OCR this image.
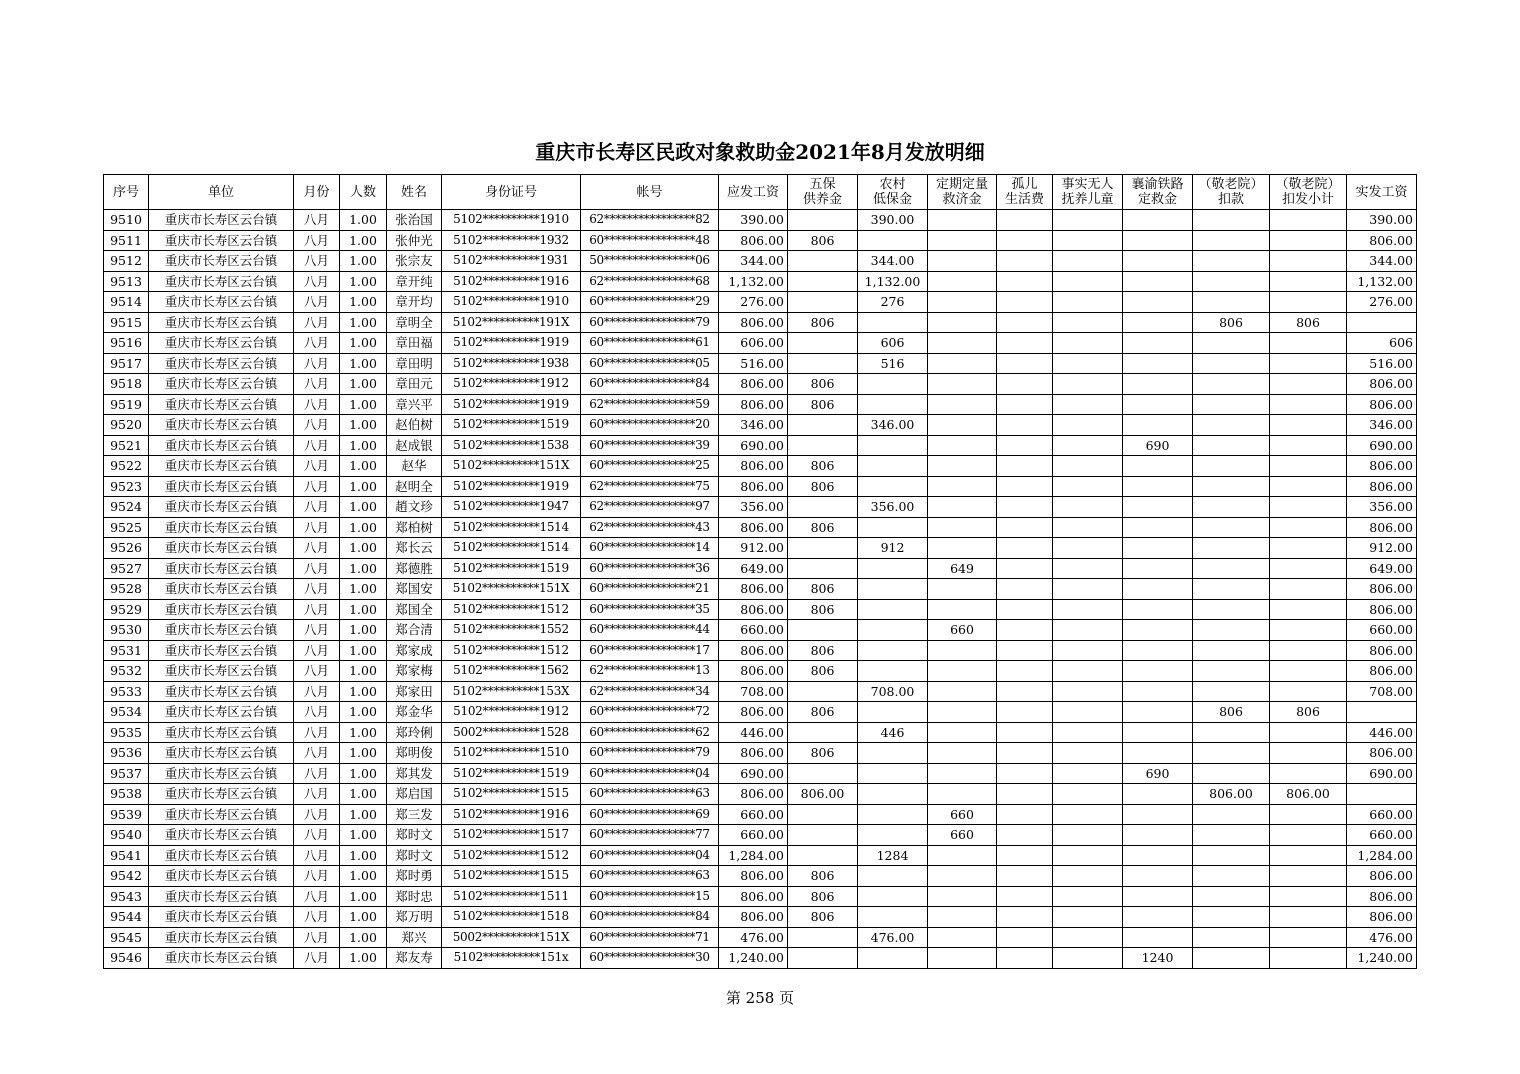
重庆市长寿区民政对象救助金2021年8月发放明细
序号	单位	月份	人数	姓名	身份证号	帐号	应发工资	五保
供养金	农村
低保金	定期定量
救济金	孤儿
生活费	事实无人
抚养儿童	襄渝铁路
定救金	（敬老院）
扣款	（敬老院）
扣发小计	实发工资
9510	重庆市长寿区云台镇	八月	1.00	张治国	5102**********1910	62****************82	390.00		390.00							390.00
9511	重庆市长寿区云台镇	八月	1.00	张仲光	5102**********1932	60****************48	806.00	806								806.00
9512	重庆市长寿区云台镇	八月	1.00	张宗友	5102**********1931	50****************06	344.00		344.00							344.00
9513	重庆市长寿区云台镇	八月	1.00	章开纯	5102**********1916	62****************68	1,132.00		1,132.00							1,132.00
9514	重庆市长寿区云台镇	八月	1.00	章开均	5102**********1910	60****************29	276.00		276							276.00
9515	重庆市长寿区云台镇	八月	1.00	章明全	5102**********191X	60****************79	806.00	806						806	806	
9516	重庆市长寿区云台镇	八月	1.00	章田福	5102**********1919	60****************61	606.00		606							606
9517	重庆市长寿区云台镇	八月	1.00	章田明	5102**********1938	60****************05	516.00		516							516.00
9518	重庆市长寿区云台镇	八月	1.00	章田元	5102**********1912	60****************84	806.00	806								806.00
9519	重庆市长寿区云台镇	八月	1.00	章兴平	5102**********1919	62****************59	806.00	806								806.00
9520	重庆市长寿区云台镇	八月	1.00	赵伯树	5102**********1519	60****************20	346.00		346.00							346.00
9521	重庆市长寿区云台镇	八月	1.00	赵成银	5102**********1538	60****************39	690.00						690			690.00
9522	重庆市长寿区云台镇	八月	1.00	赵华	5102**********151X	60****************25	806.00	806								806.00
9523	重庆市长寿区云台镇	八月	1.00	赵明全	5102**********1919	62****************75	806.00	806								806.00
9524	重庆市长寿区云台镇	八月	1.00	趙文珍	5102**********1947	62****************97	356.00		356.00							356.00
9525	重庆市长寿区云台镇	八月	1.00	郑柏树	5102**********1514	62****************43	806.00	806								806.00
9526	重庆市长寿区云台镇	八月	1.00	郑长云	5102**********1514	60****************14	912.00		912							912.00
9527	重庆市长寿区云台镇	八月	1.00	郑德胜	5102**********1519	60****************36	649.00			649						649.00
9528	重庆市长寿区云台镇	八月	1.00	郑国安	5102**********151X	60****************21	806.00	806								806.00
9529	重庆市长寿区云台镇	八月	1.00	郑国全	5102**********1512	60****************35	806.00	806								806.00
9530	重庆市长寿区云台镇	八月	1.00	郑合清	5102**********1552	60****************44	660.00			660						660.00
9531	重庆市长寿区云台镇	八月	1.00	郑家成	5102**********1512	60****************17	806.00	806								806.00
9532	重庆市长寿区云台镇	八月	1.00	郑家梅	5102**********1562	62****************13	806.00	806								806.00
9533	重庆市长寿区云台镇	八月	1.00	郑家田	5102**********153X	62****************34	708.00		708.00							708.00
9534	重庆市长寿区云台镇	八月	1.00	郑金华	5102**********1912	60****************72	806.00	806						806	806	
9535	重庆市长寿区云台镇	八月	1.00	郑玲俐	5002**********1528	60****************62	446.00		446							446.00
9536	重庆市长寿区云台镇	八月	1.00	郑明俊	5102**********1510	60****************79	806.00	806								806.00
9537	重庆市长寿区云台镇	八月	1.00	郑其发	5102**********1519	60****************04	690.00						690			690.00
9538	重庆市长寿区云台镇	八月	1.00	郑启国	5102**********1515	60****************63	806.00	806.00						806.00	806.00	
9539	重庆市长寿区云台镇	八月	1.00	郑三发	5102**********1916	60****************69	660.00			660						660.00
9540	重庆市长寿区云台镇	八月	1.00	郑时文	5102**********1517	60****************77	660.00			660						660.00
9541	重庆市长寿区云台镇	八月	1.00	郑时文	5102**********1512	60****************04	1,284.00		1284							1,284.00
9542	重庆市长寿区云台镇	八月	1.00	郑时勇	5102**********1515	60****************63	806.00	806								806.00
9543	重庆市长寿区云台镇	八月	1.00	郑时忠	5102**********1511	60****************15	806.00	806								806.00
9544	重庆市长寿区云台镇	八月	1.00	郑万明	5102**********1518	60****************84	806.00	806								806.00
9545	重庆市长寿区云台镇	八月	1.00	郑兴	5002**********151X	60****************71	476.00		476.00							476.00
9546	重庆市长寿区云台镇	八月	1.00	郑友寿	5102**********151x	60****************30	1,240.00						1240			1,240.00
第 258 页
